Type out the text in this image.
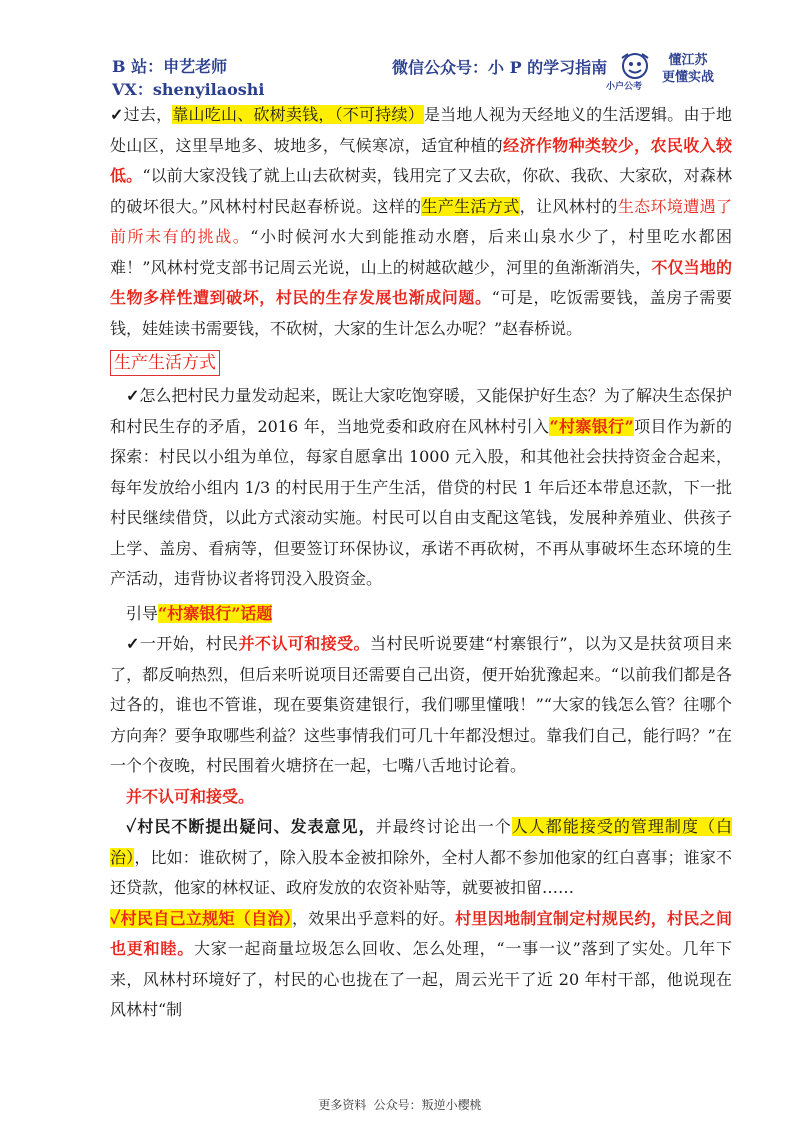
B 站：申艺老师
VX：shenyilaoshi
微信公众号：小 P 的学习指南
小户公考
懂江苏
更懂实战

✓过去，靠山吃山、砍树卖钱，（不可持续）是当地人视为天经地义的生活逻辑。由于地处山区，这里旱地多、坡地多，气候寒凉，适宜种植的经济作物种类较少，农民收入较低。“以前大家没钱了就上山去砍树卖，钱用完了又去砍，你砍、我砍、大家砍，对森林的破坏很大。”风林村村民赵春桥说。这样的生产生活方式，让风林村的生态环境遭遇了前所未有的挑战。“小时候河水大到能推动水磨，后来山泉水少了，村里吃水都困难！”风林村党支部书记周云光说，山上的树越砍越少，河里的鱼渐渐消失，不仅当地的生物多样性遭到破坏，村民的生存发展也渐成问题。“可是，吃饭需要钱，盖房子需要钱，娃娃读书需要钱，不砍树，大家的生计怎么办呢？”赵春桥说。

生产生活方式

✓怎么把村民力量发动起来，既让大家吃饱穿暖，又能保护好生态？为了解决生态保护和村民生存的矛盾，2016 年，当地党委和政府在风林村引入“村寨银行”项目作为新的探索：村民以小组为单位，每家自愿拿出 1000 元入股，和其他社会扶持资金合起来，每年发放给小组内 1/3 的村民用于生产生活，借贷的村民 1 年后还本带息还款，下一批村民继续借贷，以此方式滚动实施。村民可以自由支配这笔钱，发展种养殖业、供孩子上学、盖房、看病等，但要签订环保协议，承诺不再砍树，不再从事破坏生态环境的生产活动，违背协议者将罚没入股资金。

引导“村寨银行”话题

✓一开始，村民并不认可和接受。当村民听说要建“村寨银行”，以为又是扶贫项目来了，都反响热烈，但后来听说项目还需要自己出资，便开始犹豫起来。“以前我们都是各过各的，谁也不管谁，现在要集资建银行，我们哪里懂哦！”“大家的钱怎么管？往哪个方向奔？要争取哪些利益？这些事情我们可几十年都没想过。靠我们自己，能行吗？”在一个个夜晚，村民围着火塘挤在一起，七嘴八舌地讨论着。

并不认可和接受。

✓村民不断提出疑问、发表意见，并最终讨论出一个人人都能接受的管理制度（白治），比如：谁砍树了，除入股本金被扣除外，全村人都不参加他家的红白喜事；谁家不还贷款，他家的林权证、政府发放的农资补贴等，就要被扣留……

✓村民自己立规矩（自治），效果出乎意料的好。村里因地制宜制定村规民约，村民之间也更和睦。大家一起商量垃圾怎么回收、怎么处理，“一事一议”落到了实处。几年下来，风林村环境好了，村民的心也拢在了一起，周云光干了近 20 年村干部，他说现在风林村“制

更多资料 公众号：叛逆小樱桃
